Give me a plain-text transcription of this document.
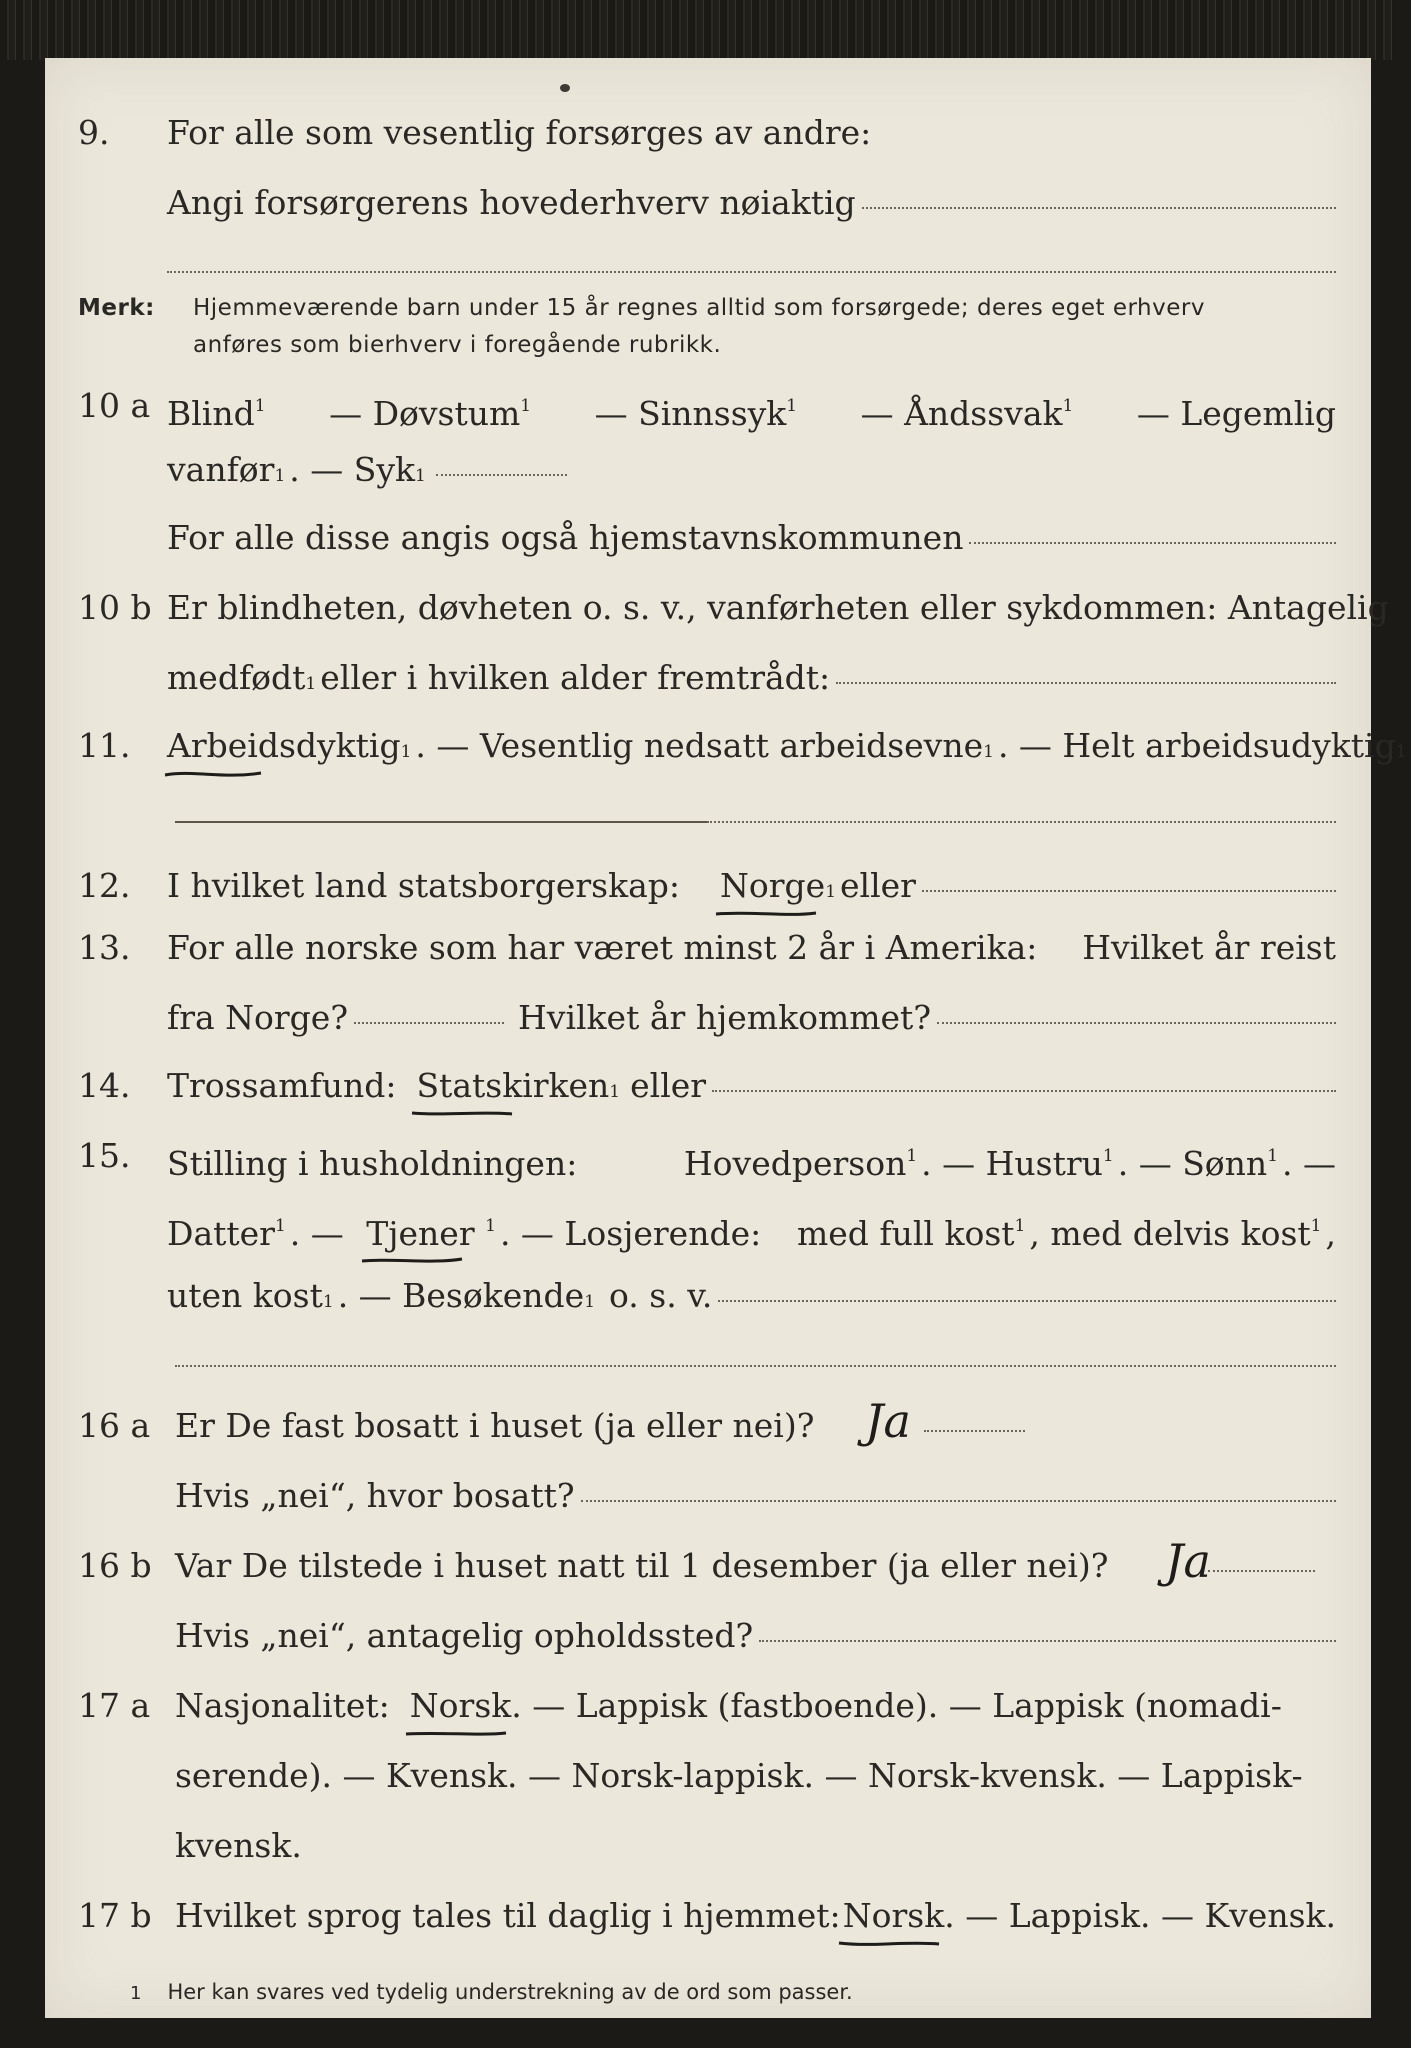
9. For alle som vesentlig forsørges av andre:
Angi forsørgerens hovederhverv nøiaktig
Merk: Hjemmeværende barn under 15 år regnes alltid som forsørgede; deres eget erhverv
anføres som bierhverv i foregående rubrikk.
10 a Blind$^1$ — Døvstum$^1$ — Sinnssyk$^1$ — Åndssvak$^1$ — Legemlig
vanfør 1 . — Syk 1
For alle disse angis også hjemstavnskommunen
10 b Er blindheten, døvheten o. s. v., vanførheten eller sykdommen: Antagelig
medfødt 1 eller i hvilken alder fremtrådt:
11. Arbeidsdyktig 1 . — Vesentlig nedsatt arbeidsevne 1 . — Helt arbeidsudyktig 1
12. I hvilket land statsborgerskap: Norge 1 eller
13. For alle norske som har været minst 2 år i Amerika: Hvilket år reist
fra Norge?	Hvilket år hjemkommet?
14. Trossamfund: Statskirken 1 eller
15. Stilling i husholdningen:	Hovedperson$^1$ . — Hustru$^1$ . — Sønn$^1$ . —
Datter$^1$ . — Tjener $^1$ . — Losjerende: med full kost$^1$ , med delvis kost$^1$ ,
uten kost 1 . — Besøkende 1 o. s. v.
16 a Er De fast bosatt i huset (ja eller nei)? Ja
Hvis „nei“, hvor bosatt?
16 b Var De tilstede i huset natt til 1 desember (ja eller nei)? Ja
Hvis „nei“, antagelig opholdssted?
17 a Nasjonalitet: Norsk . — Lappisk (fastboende). — Lappisk (nomadi-
serende). — Kvensk. — Norsk-lappisk. — Norsk-kvensk. — Lappisk-
kvensk.
17 b Hvilket sprog tales til daglig i hjemmet: Norsk . — Lappisk. — Kvensk.
1 Her kan svares ved tydelig understrekning av de ord som passer.
